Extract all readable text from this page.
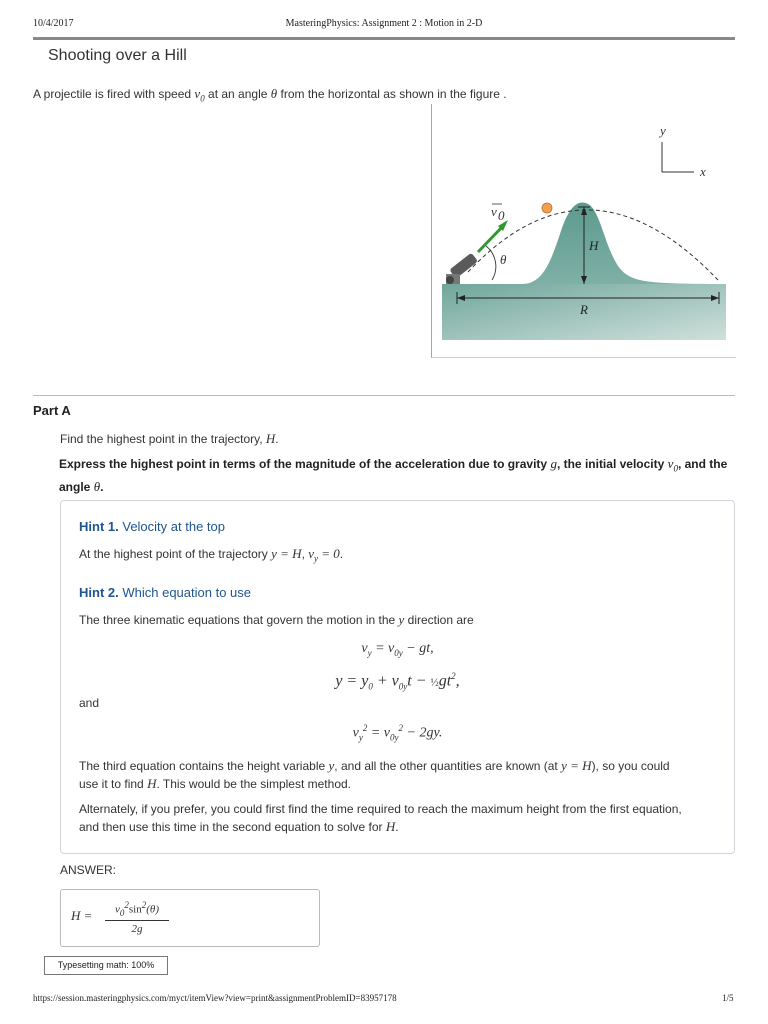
10/4/2017	MasteringPhysics: Assignment 2 : Motion in 2-D
Shooting over a Hill
A projectile is fired with speed $v_0$ at an angle θ from the horizontal as shown in the figure .
y
x
v 0
θ
H
R
Part A
Find the highest point in the trajectory, H.
Express the highest point in terms of the magnitude of the acceleration due to gravity g, the initial velocity $v_0$, and the angle θ.
Hint 1. Velocity at the top
At the highest point of the trajectory y = H, $v_y = 0$.
Hint 2. Which equation to use
The three kinematic equations that govern the motion in the y direction are
$v_y = v_{0y}$ − gt,
$y = y_0 + v_{0y}t$ − $\frac{1}{2}gt^2$,
and
$v_y^2 = v_{0y}^2 - 2gy$.
The third equation contains the height variable y, and all the other quantities are known (at y = H), so you could
use it to find H. This would be the simplest method.
Alternately, if you prefer, you could first find the time required to reach the maximum height from the first equation,
and then use this time in the second equation to solve for H.
ANSWER:
$H = \frac{v_0^2\sin^2(\theta)}{2g}$
Typesetting math: 100%
https://session.masteringphysics.com/myct/itemView?view=print&assignmentProblemID=83957178	1/5
